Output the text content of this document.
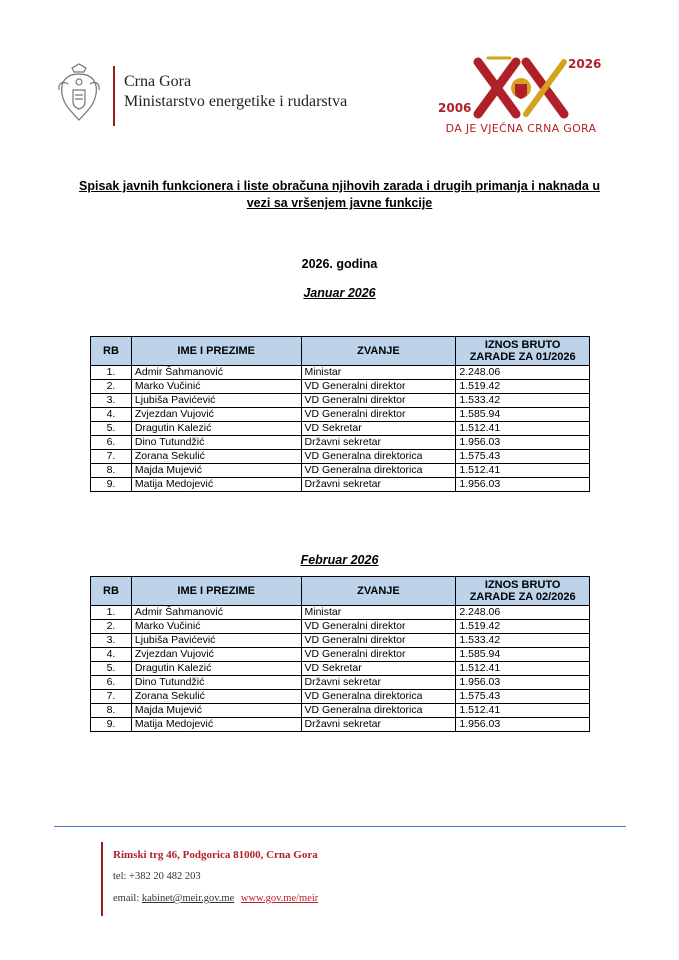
Crna Gora
Ministarstvo energetike i rudarstva	2006
2026
DA JE VJEČNA CRNA GORA
Spisak javnih funkcionera i liste obračuna njihovih zarada i drugih primanja i naknada u
vezi sa vršenjem javne funkcije
2026. godina
Januar 2026
RB	IME I PREZIME	ZVANJE	IZNOS BRUTO
ZARADE ZA 01/2026

1.	Admir Šahmanović	Ministar	2.248.06
2.	Marko Vučinić	VD Generalni direktor	1.519.42
3.	Ljubiša Pavićević	VD Generalni direktor	1.533.42
4.	Zvjezdan Vujović	VD Generalni direktor	1.585.94
5.	Dragutin Kalezić	VD Sekretar	1.512.41
6.	Dino Tutundžić	Državni sekretar	1.956.03
7.	Zorana Sekulić	VD Generalna direktorica	1.575.43
8.	Majda Mujević	VD Generalna direktorica	1.512.41
9.	Matija Medojević	Državni sekretar	1.956.03
Februar 2026
RB	IME I PREZIME	ZVANJE	IZNOS BRUTO
ZARADE ZA 02/2026

1.	Admir Šahmanović	Ministar	2.248.06
2.	Marko Vučinić	VD Generalni direktor	1.519.42
3.	Ljubiša Pavićević	VD Generalni direktor	1.533.42
4.	Zvjezdan Vujović	VD Generalni direktor	1.585.94
5.	Dragutin Kalezić	VD Sekretar	1.512.41
6.	Dino Tutundžić	Državni sekretar	1.956.03
7.	Zorana Sekulić	VD Generalna direktorica	1.575.43
8.	Majda Mujević	VD Generalna direktorica	1.512.41
9.	Matija Medojević	Državni sekretar	1.956.03
Rimski trg 46, Podgorica 81000, Crna Gora
tel: +382 20 482 203
email: kabinet@meir.gov.me www.gov.me/meir
